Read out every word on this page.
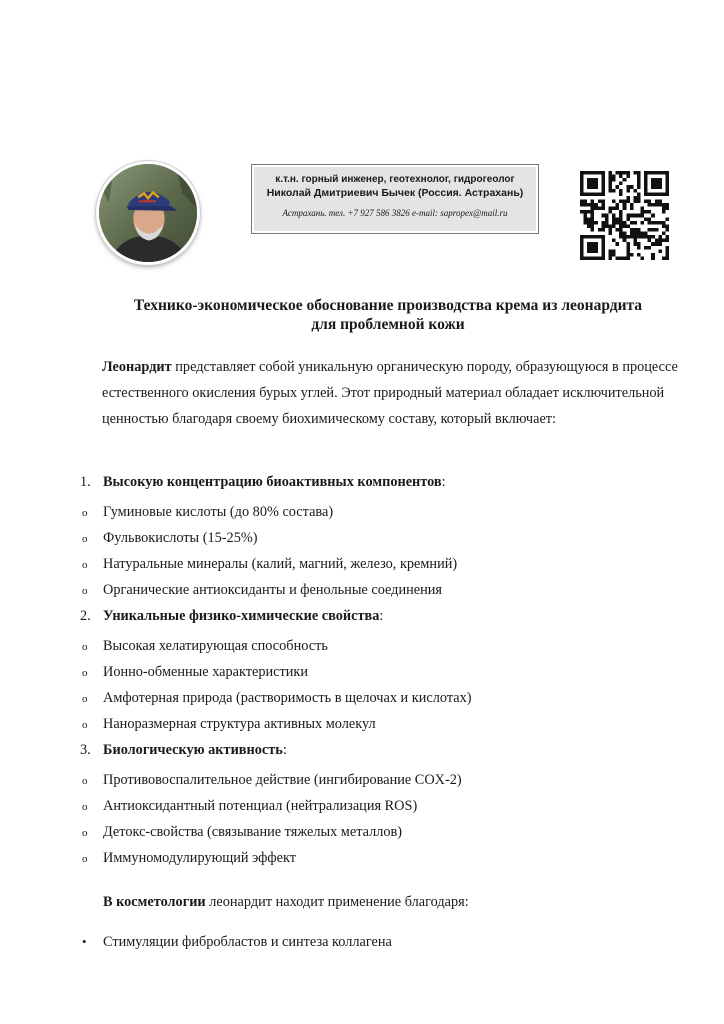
к.т.н. горный инженер, геотехнолог, гидрогеолог
Николай Дмитриевич Бычек (Россия. Астрахань)
Астрахань. тел. +7 927 586 3826 e-mail: sapropex@mail.ru
Технико-экономическое обоснование производства крема из леонардита
для проблемной кожи

Леонардит представляет собой уникальную органическую породу, образующуюся в процессе естественного окисления бурых углей. Этот природный материал обладает исключительной ценностью благодаря своему биохимическому составу, который включает:

1. Высокую концентрацию биоактивных компонентов:
o	Гуминовые кислоты (до 80% состава)
o	Фульвокислоты (15-25%)
o	Натуральные минералы (калий, магний, железо, кремний)
o	Органические антиоксиданты и фенольные соединения
2. Уникальные физико-химические свойства:
o	Высокая хелатирующая способность
o	Ионно-обменные характеристики
o	Амфотерная природа (растворимость в щелочах и кислотах)
o	Наноразмерная структура активных молекул
3. Биологическую активность:
o	Противовоспалительное действие (ингибирование COX-2)
o	Антиоксидантный потенциал (нейтрализация ROS)
o	Детокс-свойства (связывание тяжелых металлов)
o	Иммуномодулирующий эффект
В косметологии леонардит находит применение благодаря:
•	Стимуляции фибробластов и синтеза коллагена
